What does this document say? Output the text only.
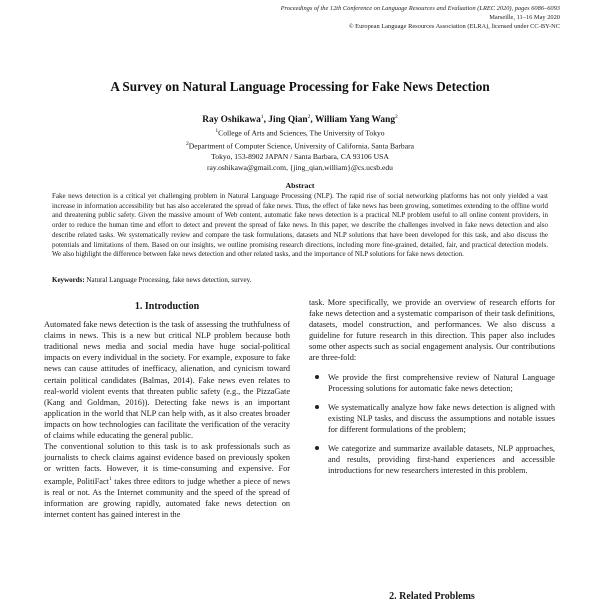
Proceedings of the 12th Conference on Language Resources and Evaluation (LREC 2020), pages 6086–6093
Marseille, 11–16 May 2020
© European Language Resources Association (ELRA), licensed under CC-BY-NC
A Survey on Natural Language Processing for Fake News Detection
Ray Oshikawa$^1$, Jing Qian$^2$, William Yang Wang$^2$
$^1$College of Arts and Sciences, The University of Tokyo
$^2$Department of Computer Science, University of California, Santa Barbara
Tokyo, 153-8902 JAPAN / Santa Barbara, CA 93106 USA
ray.oshikawa@gmail.com, {jing_qian,william}@cs.ucsb.edu
Abstract
Fake news detection is a critical yet challenging problem in Natural Language Processing (NLP). The rapid rise of social networking platforms has not only yielded a vast increase in information accessibility but has also accelerated the spread of fake news. Thus, the effect of fake news has been growing, sometimes extending to the offline world and threatening public safety. Given the massive amount of Web content, automatic fake news detection is a practical NLP problem useful to all online content providers, in order to reduce the human time and effort to detect and prevent the spread of fake news. In this paper, we describe the challenges involved in fake news detection and also describe related tasks. We systematically review and compare the task formulations, datasets and NLP solutions that have been developed for this task, and also discuss the potentials and limitations of them. Based on our insights, we outline promising research directions, including more fine-grained, detailed, fair, and practical detection models. We also highlight the difference between fake news detection and other related tasks, and the importance of NLP solutions for fake news detection.
Keywords: Natural Language Processing, fake news detection, survey.
1. Introduction

Automated fake news detection is the task of assessing the truthfulness of claims in news. This is a new but critical NLP problem because both traditional news media and social media have huge social-political impacts on every individual in the society. For example, exposure to fake news can cause attitudes of inefficacy, alienation, and cynicism toward certain political candidates (Balmas, 2014). Fake news even relates to real-world violent events that threaten public safety (e.g., the PizzaGate (Kang and Goldman, 2016)). Detecting fake news is an important application in the world that NLP can help with, as it also creates broader impacts on how technologies can facilitate the verification of the veracity of claims while educating the general public.

The conventional solution to this task is to ask professionals such as journalists to check claims against evidence based on previously spoken or written facts. However, it is time-consuming and expensive. For example, PolitiFact$^1$ takes three editors to judge whether a piece of news is real or not. As the Internet community and the speed of the spread of information are growing rapidly, automated fake news detection on internet content has gained interest in the

task. More specifically, we provide an overview of research efforts for fake news detection and a systematic comparison of their task definitions, datasets, model construction, and performances. We also discuss a guideline for future research in this direction. This paper also includes some other aspects such as social engagement analysis. Our contributions are three-fold:

We provide the first comprehensive review of Natural Language Processing solutions for automatic fake news detection;
We systematically analyze how fake news detection is aligned with existing NLP tasks, and discuss the assumptions and notable issues for different formulations of the problem;
We categorize and summarize available datasets, NLP approaches, and results, providing first-hand experiences and accessible introductions for new researchers interested in this problem.
2. Related Problems
